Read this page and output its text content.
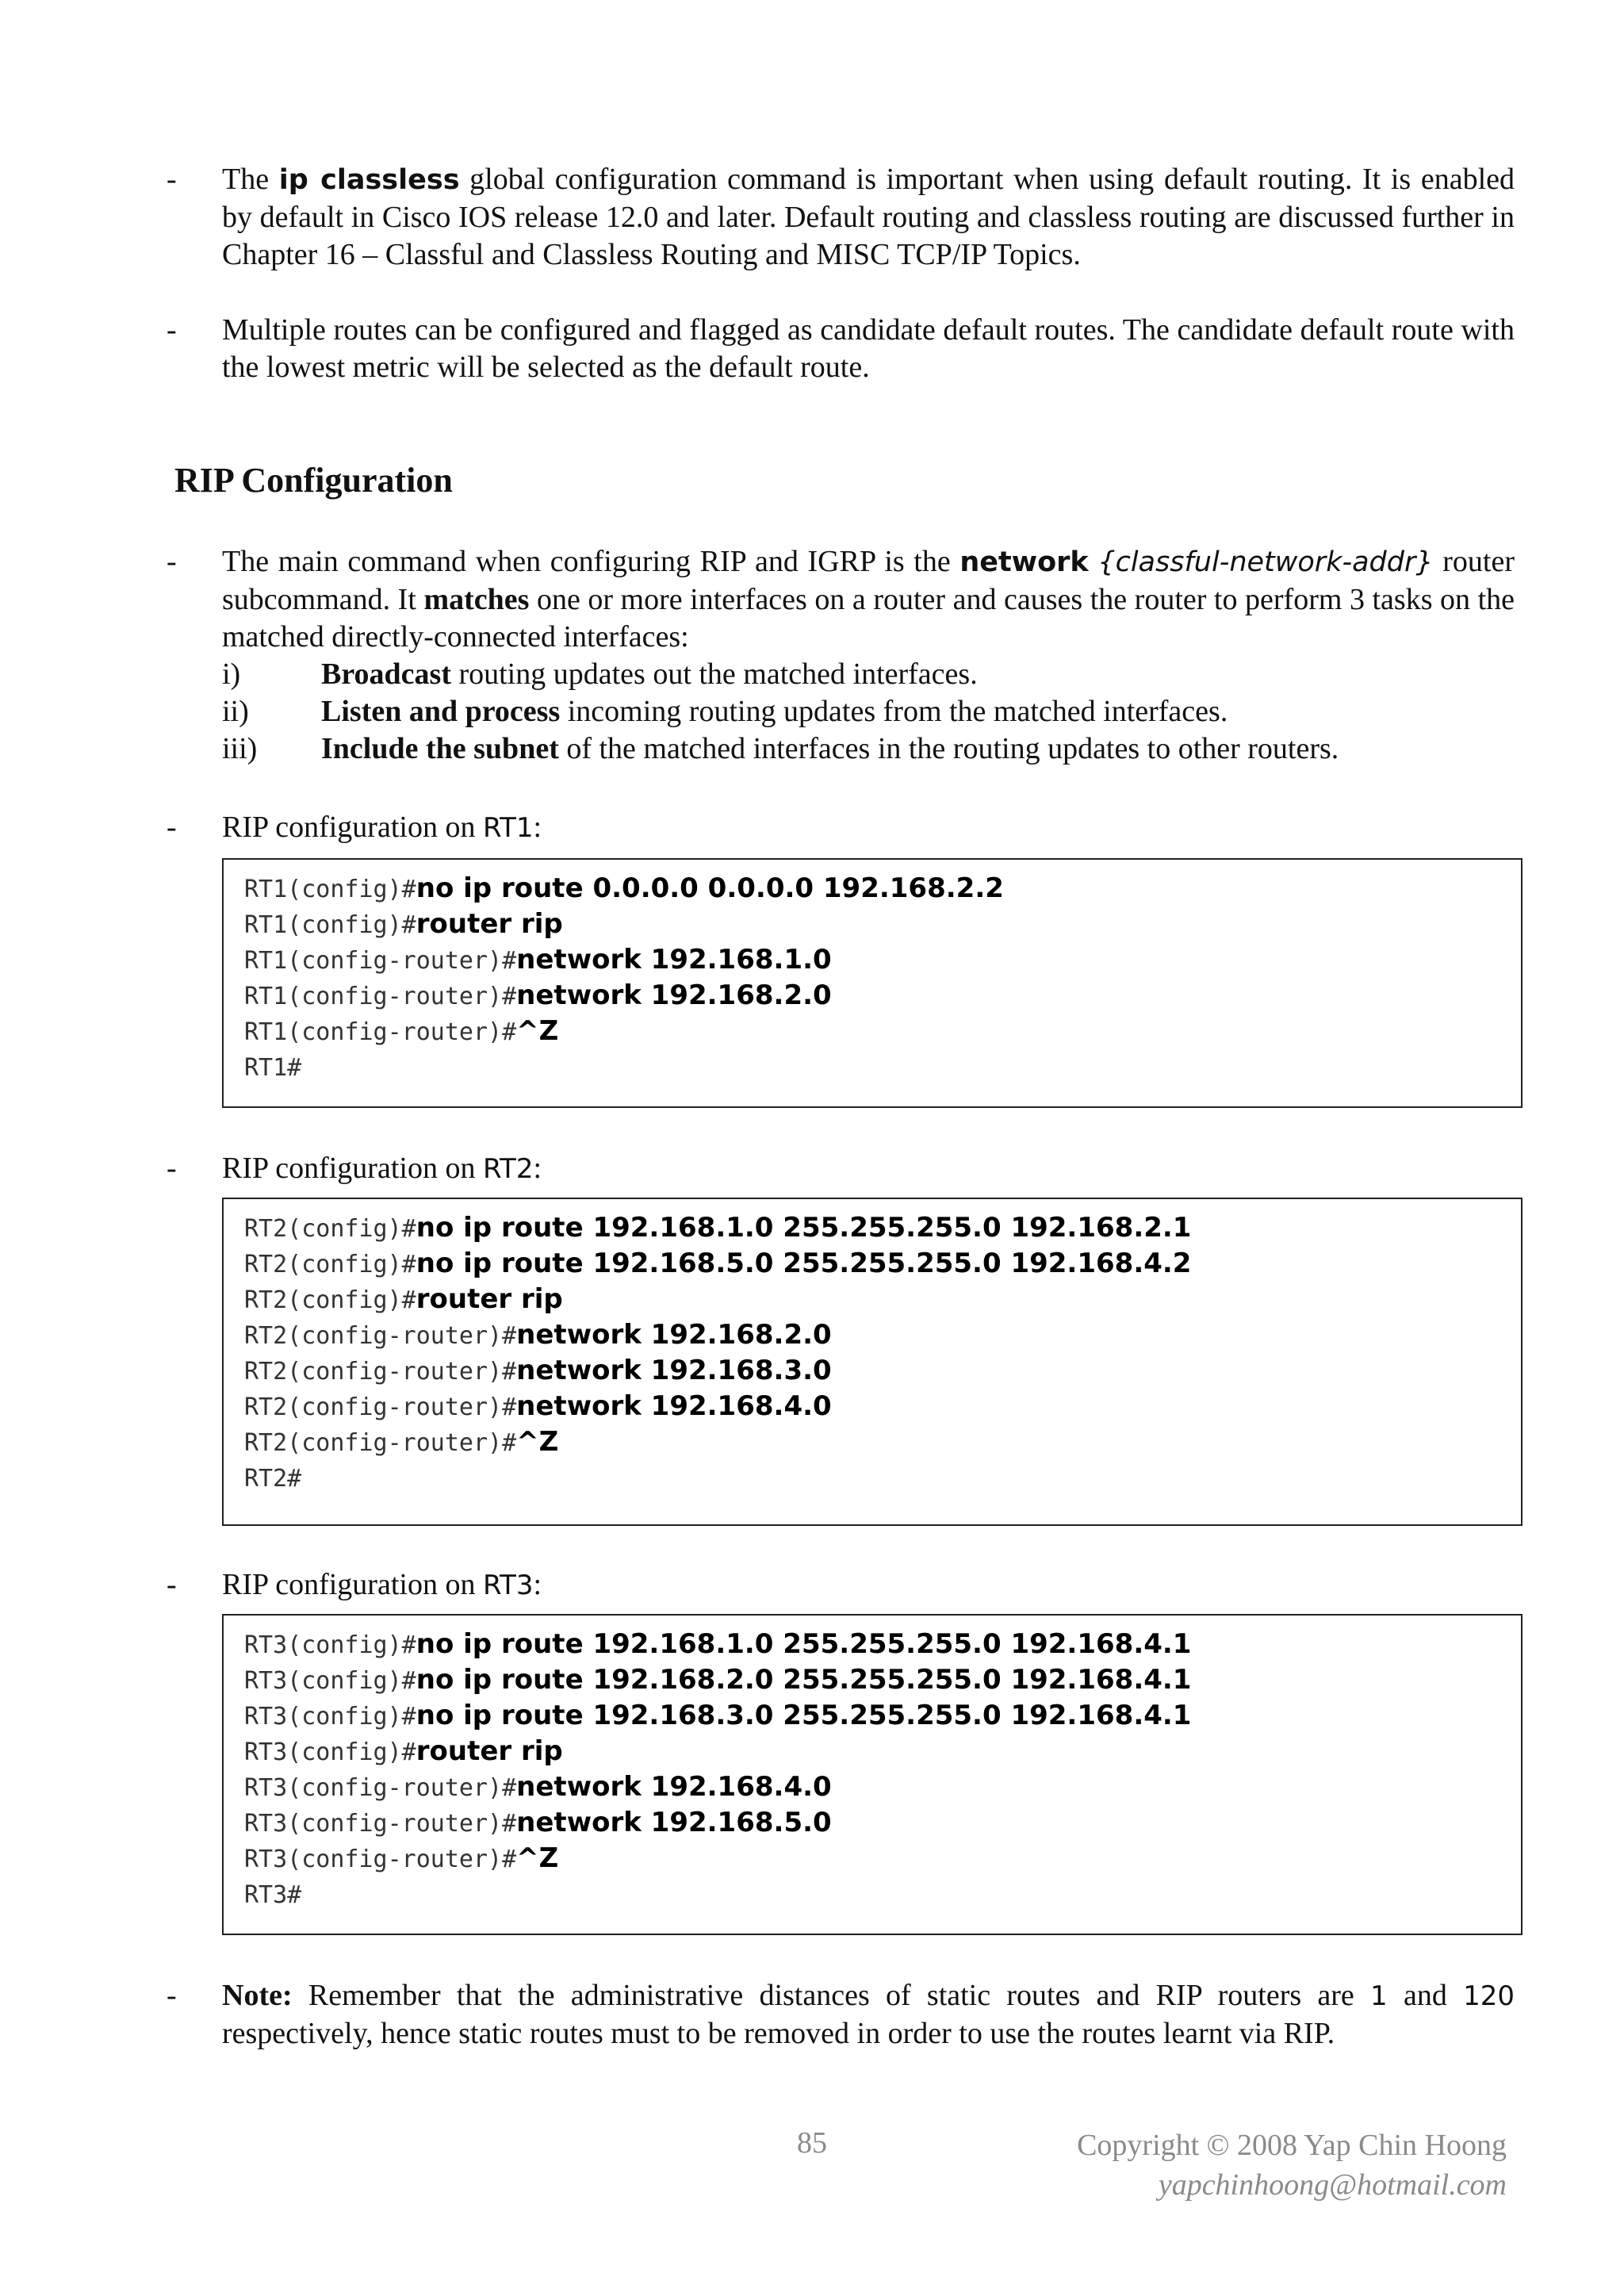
- The ip classless global configuration command is important when using default routing. It is enabled by default in Cisco IOS release 12.0 and later. Default routing and classless routing are discussed further in Chapter 16 – Classful and Classless Routing and MISC TCP/IP Topics.
- Multiple routes can be configured and flagged as candidate default routes. The candidate default route with the lowest metric will be selected as the default route.
RIP Configuration
- The main command when configuring RIP and IGRP is the network {classful-network-addr} router subcommand. It matches one or more interfaces on a router and causes the router to perform 3 tasks on the matched directly-connected interfaces:
i)	Broadcast routing updates out the matched interfaces.
ii) Listen and process incoming routing updates from the matched interfaces.
iii) Include the subnet of the matched interfaces in the routing updates to other routers.
- RIP configuration on RT1:
RT1(config)#no ip route 0.0.0.0 0.0.0.0 192.168.2.2
RT1(config)#router rip
RT1(config-router)#network 192.168.1.0
RT1(config-router)#network 192.168.2.0
RT1(config-router)#^Z
RT1#
- RIP configuration on RT2:
RT2(config)#no ip route 192.168.1.0 255.255.255.0 192.168.2.1
RT2(config)#no ip route 192.168.5.0 255.255.255.0 192.168.4.2
RT2(config)#router rip
RT2(config-router)#network 192.168.2.0
RT2(config-router)#network 192.168.3.0
RT2(config-router)#network 192.168.4.0
RT2(config-router)#^Z
RT2#
- RIP configuration on RT3:
RT3(config)#no ip route 192.168.1.0 255.255.255.0 192.168.4.1
RT3(config)#no ip route 192.168.2.0 255.255.255.0 192.168.4.1
RT3(config)#no ip route 192.168.3.0 255.255.255.0 192.168.4.1
RT3(config)#router rip
RT3(config-router)#network 192.168.4.0
RT3(config-router)#network 192.168.5.0
RT3(config-router)#^Z
RT3#
- Note: Remember that the administrative distances of static routes and RIP routers are 1 and 120 respectively, hence static routes must to be removed in order to use the routes learnt via RIP.
85	Copyright © 2008 Yap Chin Hoong
yapchinhoong@hotmail.com
